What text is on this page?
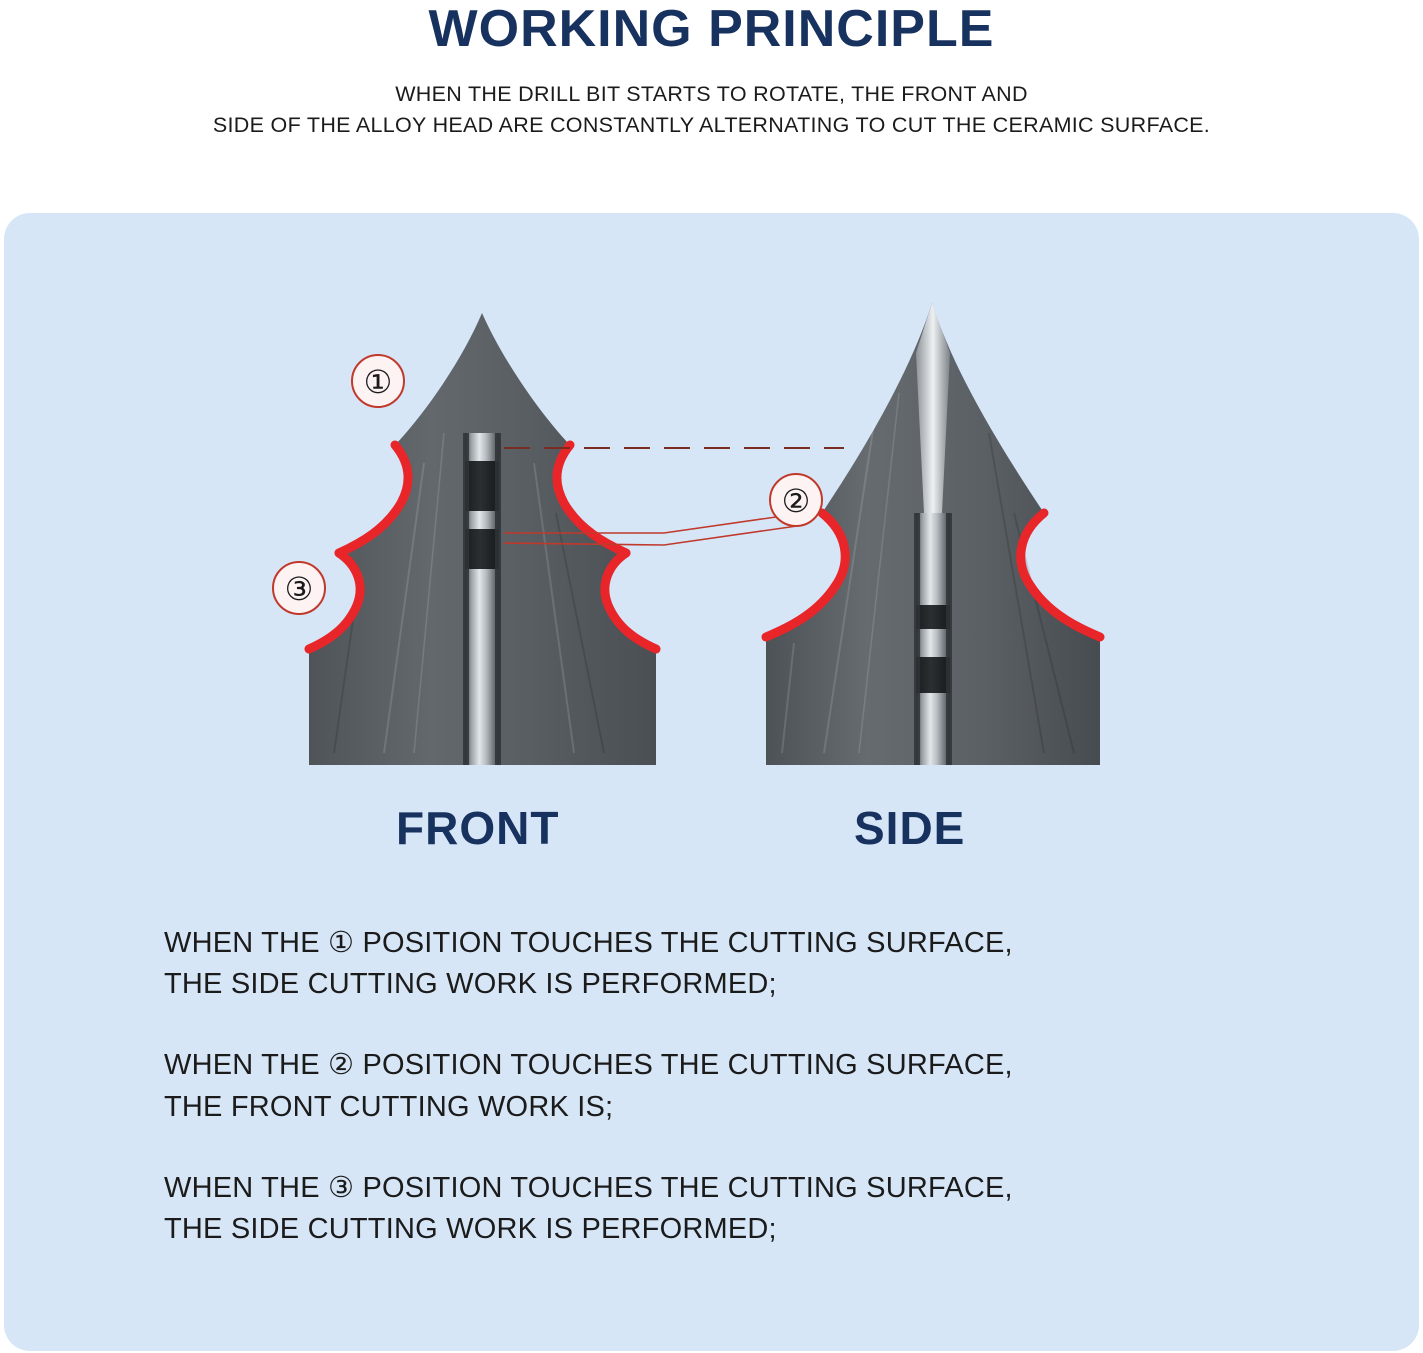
WORKING PRINCIPLE
WHEN THE DRILL BIT STARTS TO ROTATE, THE FRONT AND
SIDE OF THE ALLOY HEAD ARE CONSTANTLY ALTERNATING TO CUT THE CERAMIC SURFACE.
①
③
②
FRONT	SIDE
WHEN THE ① POSITION TOUCHES THE CUTTING SURFACE,
THE SIDE CUTTING WORK IS PERFORMED;
WHEN THE ② POSITION TOUCHES THE CUTTING SURFACE,
THE FRONT CUTTING WORK IS;
WHEN THE ③ POSITION TOUCHES THE CUTTING SURFACE,
THE SIDE CUTTING WORK IS PERFORMED;
